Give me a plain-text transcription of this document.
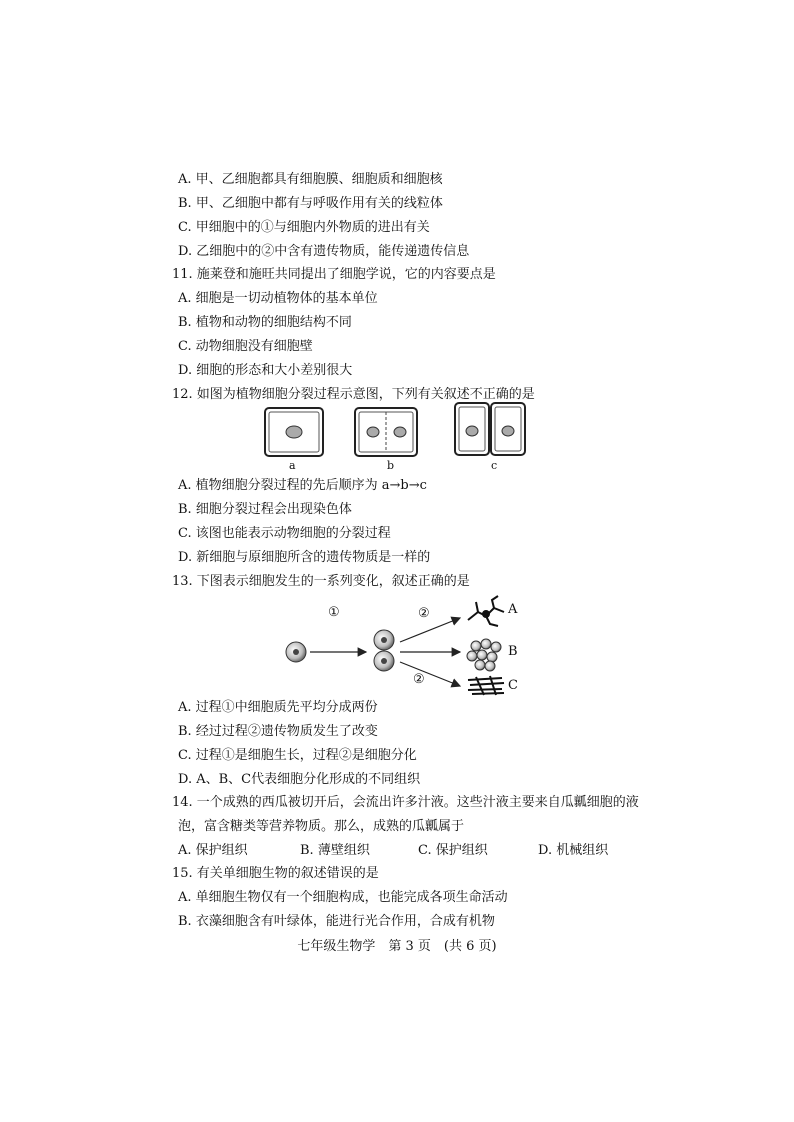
A. 甲、乙细胞都具有细胞膜、细胞质和细胞核
B. 甲、乙细胞中都有与呼吸作用有关的线粒体
C. 甲细胞中的①与细胞内外物质的进出有关
D. 乙细胞中的②中含有遗传物质，能传递遗传信息
11. 施莱登和施旺共同提出了细胞学说，它的内容要点是
A. 细胞是一切动植物体的基本单位
B. 植物和动物的细胞结构不同
C. 动物细胞没有细胞壁
D. 细胞的形态和大小差别很大
12. 如图为植物细胞分裂过程示意图，下列有关叙述不正确的是
a	b	c
A. 植物细胞分裂过程的先后顺序为 a→b→c
B. 细胞分裂过程会出现染色体
C. 该图也能表示动物细胞的分裂过程
D. 新细胞与原细胞所含的遗传物质是一样的
13. 下图表示细胞发生的一系列变化，叙述正确的是
①	②
②
A
B
C
A. 过程①中细胞质先平均分成两份
B. 经过过程②遗传物质发生了改变
C. 过程①是细胞生长，过程②是细胞分化
D. A、B、C代表细胞分化形成的不同组织
14. 一个成熟的西瓜被切开后，会流出许多汁液。这些汁液主要来自瓜瓤细胞的液
泡，富含糖类等营养物质。那么，成熟的瓜瓤属于
A. 保护组织	B. 薄壁组织	C. 保护组织	D. 机械组织
15. 有关单细胞生物的叙述错误的是
A. 单细胞生物仅有一个细胞构成，也能完成各项生命活动
B. 衣藻细胞含有叶绿体，能进行光合作用，合成有机物
七年级生物学　第 3 页　(共 6 页)
